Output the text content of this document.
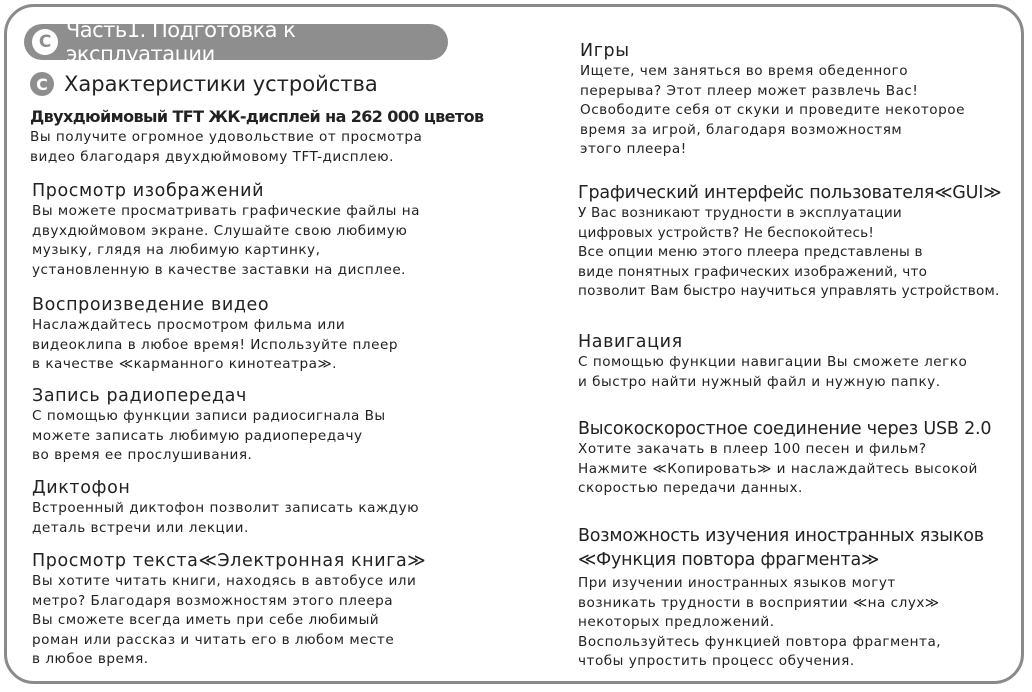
C Часть1. Подготовка к эксплуатации
C Характеристики устройства
Двухдюймовый TFT ЖК-дисплей на 262 000 цветов

Вы получите огромное удовольствие от просмотра
видео благодаря двухдюймовому TFT-дисплею.

Просмотр изображений

Вы можете просматривать графические файлы на
двухдюймовом экране. Слушайте свою любимую
музыку, глядя на любимую картинку,
установленную в качестве заставки на дисплее.

Воспроизведение видео

Наслаждайтесь просмотром фильма или
видеоклипа в любое время! Используйте плеер
в качестве ≪карманного кинотеатра≫.

Запись радиопередач

С помощью функции записи радиосигнала Вы
можете записать любимую радиопередачу
во время ее прослушивания.

Диктофон

Встроенный диктофон позволит записать каждую
деталь встречи или лекции.

Просмотр текста≪Электронная книга≫

Вы хотите читать книги, находясь в автобусе или
метро? Благодаря возможностям этого плеера
Вы сможете всегда иметь при себе любимый
роман или рассказ и читать его в любом месте
в любое время.

Игры

Ищете, чем заняться во время обеденного
перерыва? Этот плеер может развлечь Вас!
Освободите себя от скуки и проведите некоторое
время за игрой, благодаря возможностям
этого плеера!

Графический интерфейс пользователя≪GUI≫

У Вас возникают трудности в эксплуатации
цифровых устройств? Не беспокойтесь!
Все опции меню этого плеера представлены в
виде понятных графических изображений, что
позволит Вам быстро научиться управлять устройством.

Навигация

С помощью функции навигации Вы сможете легко
и быстро найти нужный файл и нужную папку.

Высокоскоростное соединение через USB 2.0

Хотите закачать в плеер 100 песен и фильм?
Нажмите ≪Копировать≫ и наслаждайтесь высокой
скоростью передачи данных.

Возможность изучения иностранных языков
≪Функция повтора фрагмента≫

При изучении иностранных языков могут
возникать трудности в восприятии ≪на слух≫
некоторых предложений.
Воспользуйтесь функцией повтора фрагмента,
чтобы упростить процесс обучения.
